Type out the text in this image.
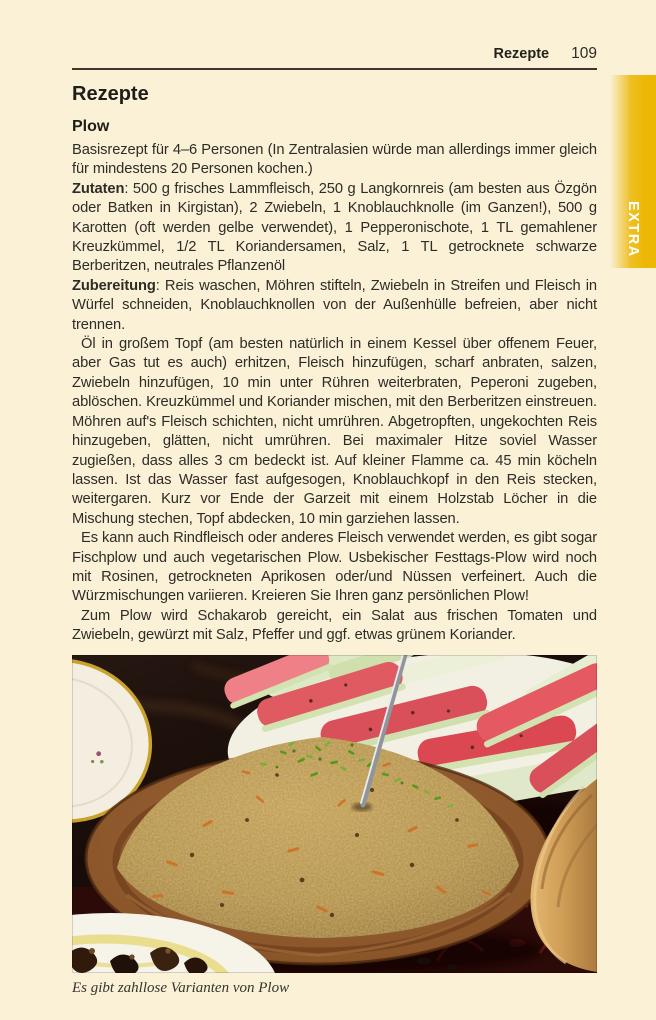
EXTRA
Rezepte 109
Rezepte
Plow

Basisrezept für 4–6 Personen (In Zentralasien würde man allerdings immer gleich für mindestens 20 Personen kochen.)

Zutaten: 500 g frisches Lammfleisch, 250 g Langkornreis (am besten aus Özgön oder Batken in Kirgistan), 2 Zwiebeln, 1 Knoblauchknolle (im Ganzen!), 500 g Karotten (oft werden gelbe verwendet), 1 Pepperonischote, 1 TL gemahlener Kreuzkümmel, 1/2 TL Koriandersamen, Salz, 1 TL getrocknete schwarze Berberitzen, neutrales Pflanzenöl

Zubereitung: Reis waschen, Möhren stifteln, Zwiebeln in Streifen und Fleisch in Würfel schneiden, Knoblauchknollen von der Außenhülle befreien, aber nicht trennen.

Öl in großem Topf (am besten natürlich in einem Kessel über offenem Feuer, aber Gas tut es auch) erhitzen, Fleisch hinzufügen, scharf anbraten, salzen, Zwiebeln hinzufügen, 10 min unter Rühren weiterbraten, Peperoni zugeben, ablöschen. Kreuzkümmel und Koriander mischen, mit den Berberitzen einstreuen. Möhren auf's Fleisch schichten, nicht umrühren. Abgetropften, ungekochten Reis hinzugeben, glätten, nicht umrühren. Bei maximaler Hitze soviel Wasser zugießen, dass alles 3 cm bedeckt ist. Auf kleiner Flamme ca. 45 min köcheln lassen. Ist das Wasser fast aufgesogen, Knoblauchkopf in den Reis stecken, weitergaren. Kurz vor Ende der Garzeit mit einem Holzstab Löcher in die Mischung stechen, Topf abdecken, 10 min garziehen lassen.

Es kann auch Rindfleisch oder anderes Fleisch verwendet werden, es gibt sogar Fischplow und auch vegetarischen Plow. Usbekischer Festtags-Plow wird noch mit Rosinen, getrockneten Aprikosen oder/und Nüssen verfeinert. Auch die Würzmischungen variieren. Kreieren Sie Ihren ganz persönlichen Plow!

Zum Plow wird Schakarob gereicht, ein Salat aus frischen Tomaten und Zwiebeln, gewürzt mit Salz, Pfeffer und ggf. etwas grünem Koriander.

Es gibt zahllose Varianten von Plow
